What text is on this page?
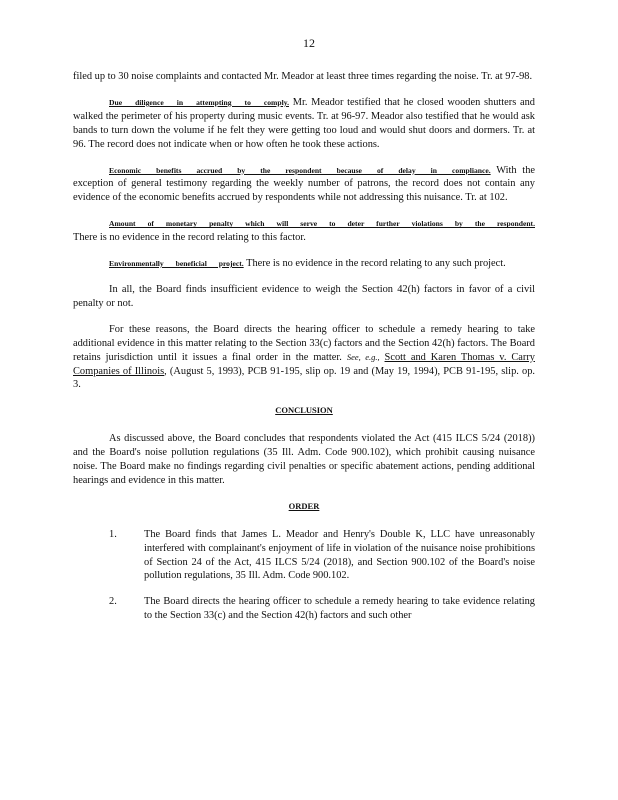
12

filed up to 30 noise complaints and contacted Mr. Meador at least three times regarding the noise. Tr. at 97-98.

Due diligence in attempting to comply. Mr. Meador testified that he closed wooden shutters and walked the perimeter of his property during music events. Tr. at 96-97. Meador also testified that he would ask bands to turn down the volume if he felt they were getting too loud and would shut doors and dormers. Tr. at 96. The record does not indicate when or how often he took these actions.

Economic benefits accrued by the respondent because of delay in compliance. With the exception of general testimony regarding the weekly number of patrons, the record does not contain any evidence of the economic benefits accrued by respondents while not addressing this nuisance. Tr. at 102.

Amount of monetary penalty which will serve to deter further violations by the respondent. There is no evidence in the record relating to this factor.

Environmentally beneficial project. There is no evidence in the record relating to any such project.

In all, the Board finds insufficient evidence to weigh the Section 42(h) factors in favor of a civil penalty or not.

For these reasons, the Board directs the hearing officer to schedule a remedy hearing to take additional evidence in this matter relating to the Section 33(c) factors and the Section 42(h) factors. The Board retains jurisdiction until it issues a final order in the matter. See, e.g., Scott and Karen Thomas v. Carry Companies of Illinois, (August 5, 1993), PCB 91-195, slip op. 19 and (May 19, 1994), PCB 91-195, slip. op. 3.

CONCLUSION

As discussed above, the Board concludes that respondents violated the Act (415 ILCS 5/24 (2018)) and the Board's noise pollution regulations (35 Ill. Adm. Code 900.102), which prohibit causing nuisance noise. The Board make no findings regarding civil penalties or specific abatement actions, pending additional hearings and evidence in this matter.

ORDER
1.	The Board finds that James L. Meador and Henry's Double K, LLC have unreasonably interfered with complainant's enjoyment of life in violation of the nuisance noise prohibitions of Section 24 of the Act, 415 ILCS 5/24 (2018), and Section 900.102 of the Board's noise pollution regulations, 35 Ill. Adm. Code 900.102.
2.	The Board directs the hearing officer to schedule a remedy hearing to take evidence relating to the Section 33(c) and the Section 42(h) factors and such other
